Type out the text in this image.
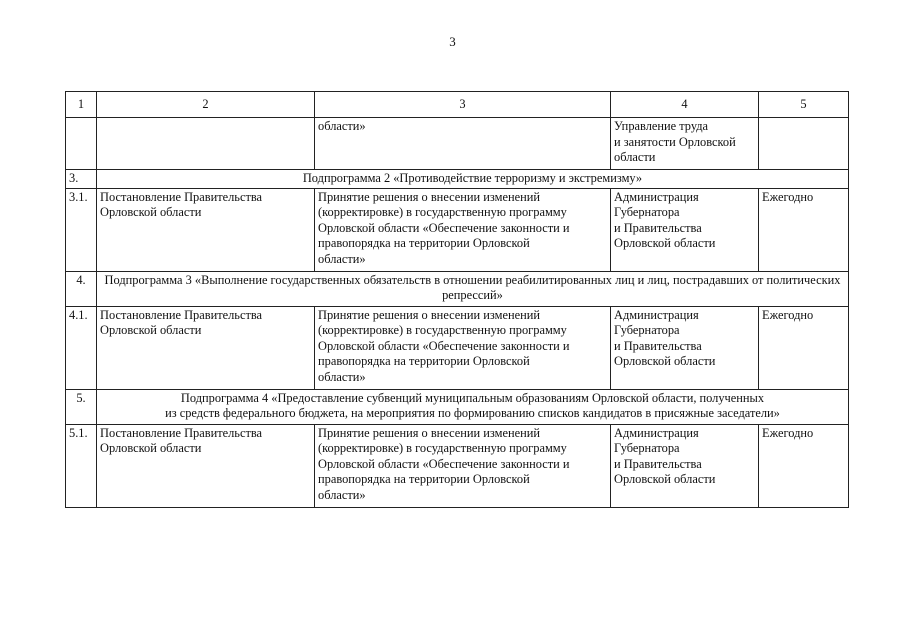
3
1	2	3	4	5
		области»	Управление труда
и занятости Орловской
области	
3.	Подпрограмма 2 «Противодействие терроризму и экстремизму»			
3.1.	Постановление Правительства
Орловской области	Принятие решения о внесении изменений
(корректировке) в государственную программу
Орловской области «Обеспечение законности и
правопорядка на территории Орловской
области»	Администрация
Губернатора
и Правительства
Орловской области	Ежегодно
4.	Подпрограмма 3 «Выполнение государственных обязательств в отношении реабилитированных лиц и лиц, пострадавших от политических репрессий»			
4.1.	Постановление Правительства
Орловской области	Принятие решения о внесении изменений
(корректировке) в государственную программу
Орловской области «Обеспечение законности и
правопорядка на территории Орловской
области»	Администрация
Губернатора
и Правительства
Орловской области	Ежегодно
5.	Подпрограмма 4 «Предоставление субвенций муниципальным образованиям Орловской области, полученных
из средств федерального бюджета, на мероприятия по формированию списков кандидатов в присяжные заседатели»			
5.1.	Постановление Правительства
Орловской области	Принятие решения о внесении изменений
(корректировке) в государственную программу
Орловской области «Обеспечение законности и
правопорядка на территории Орловской
области»	Администрация
Губернатора
и Правительства
Орловской области	Ежегодно
